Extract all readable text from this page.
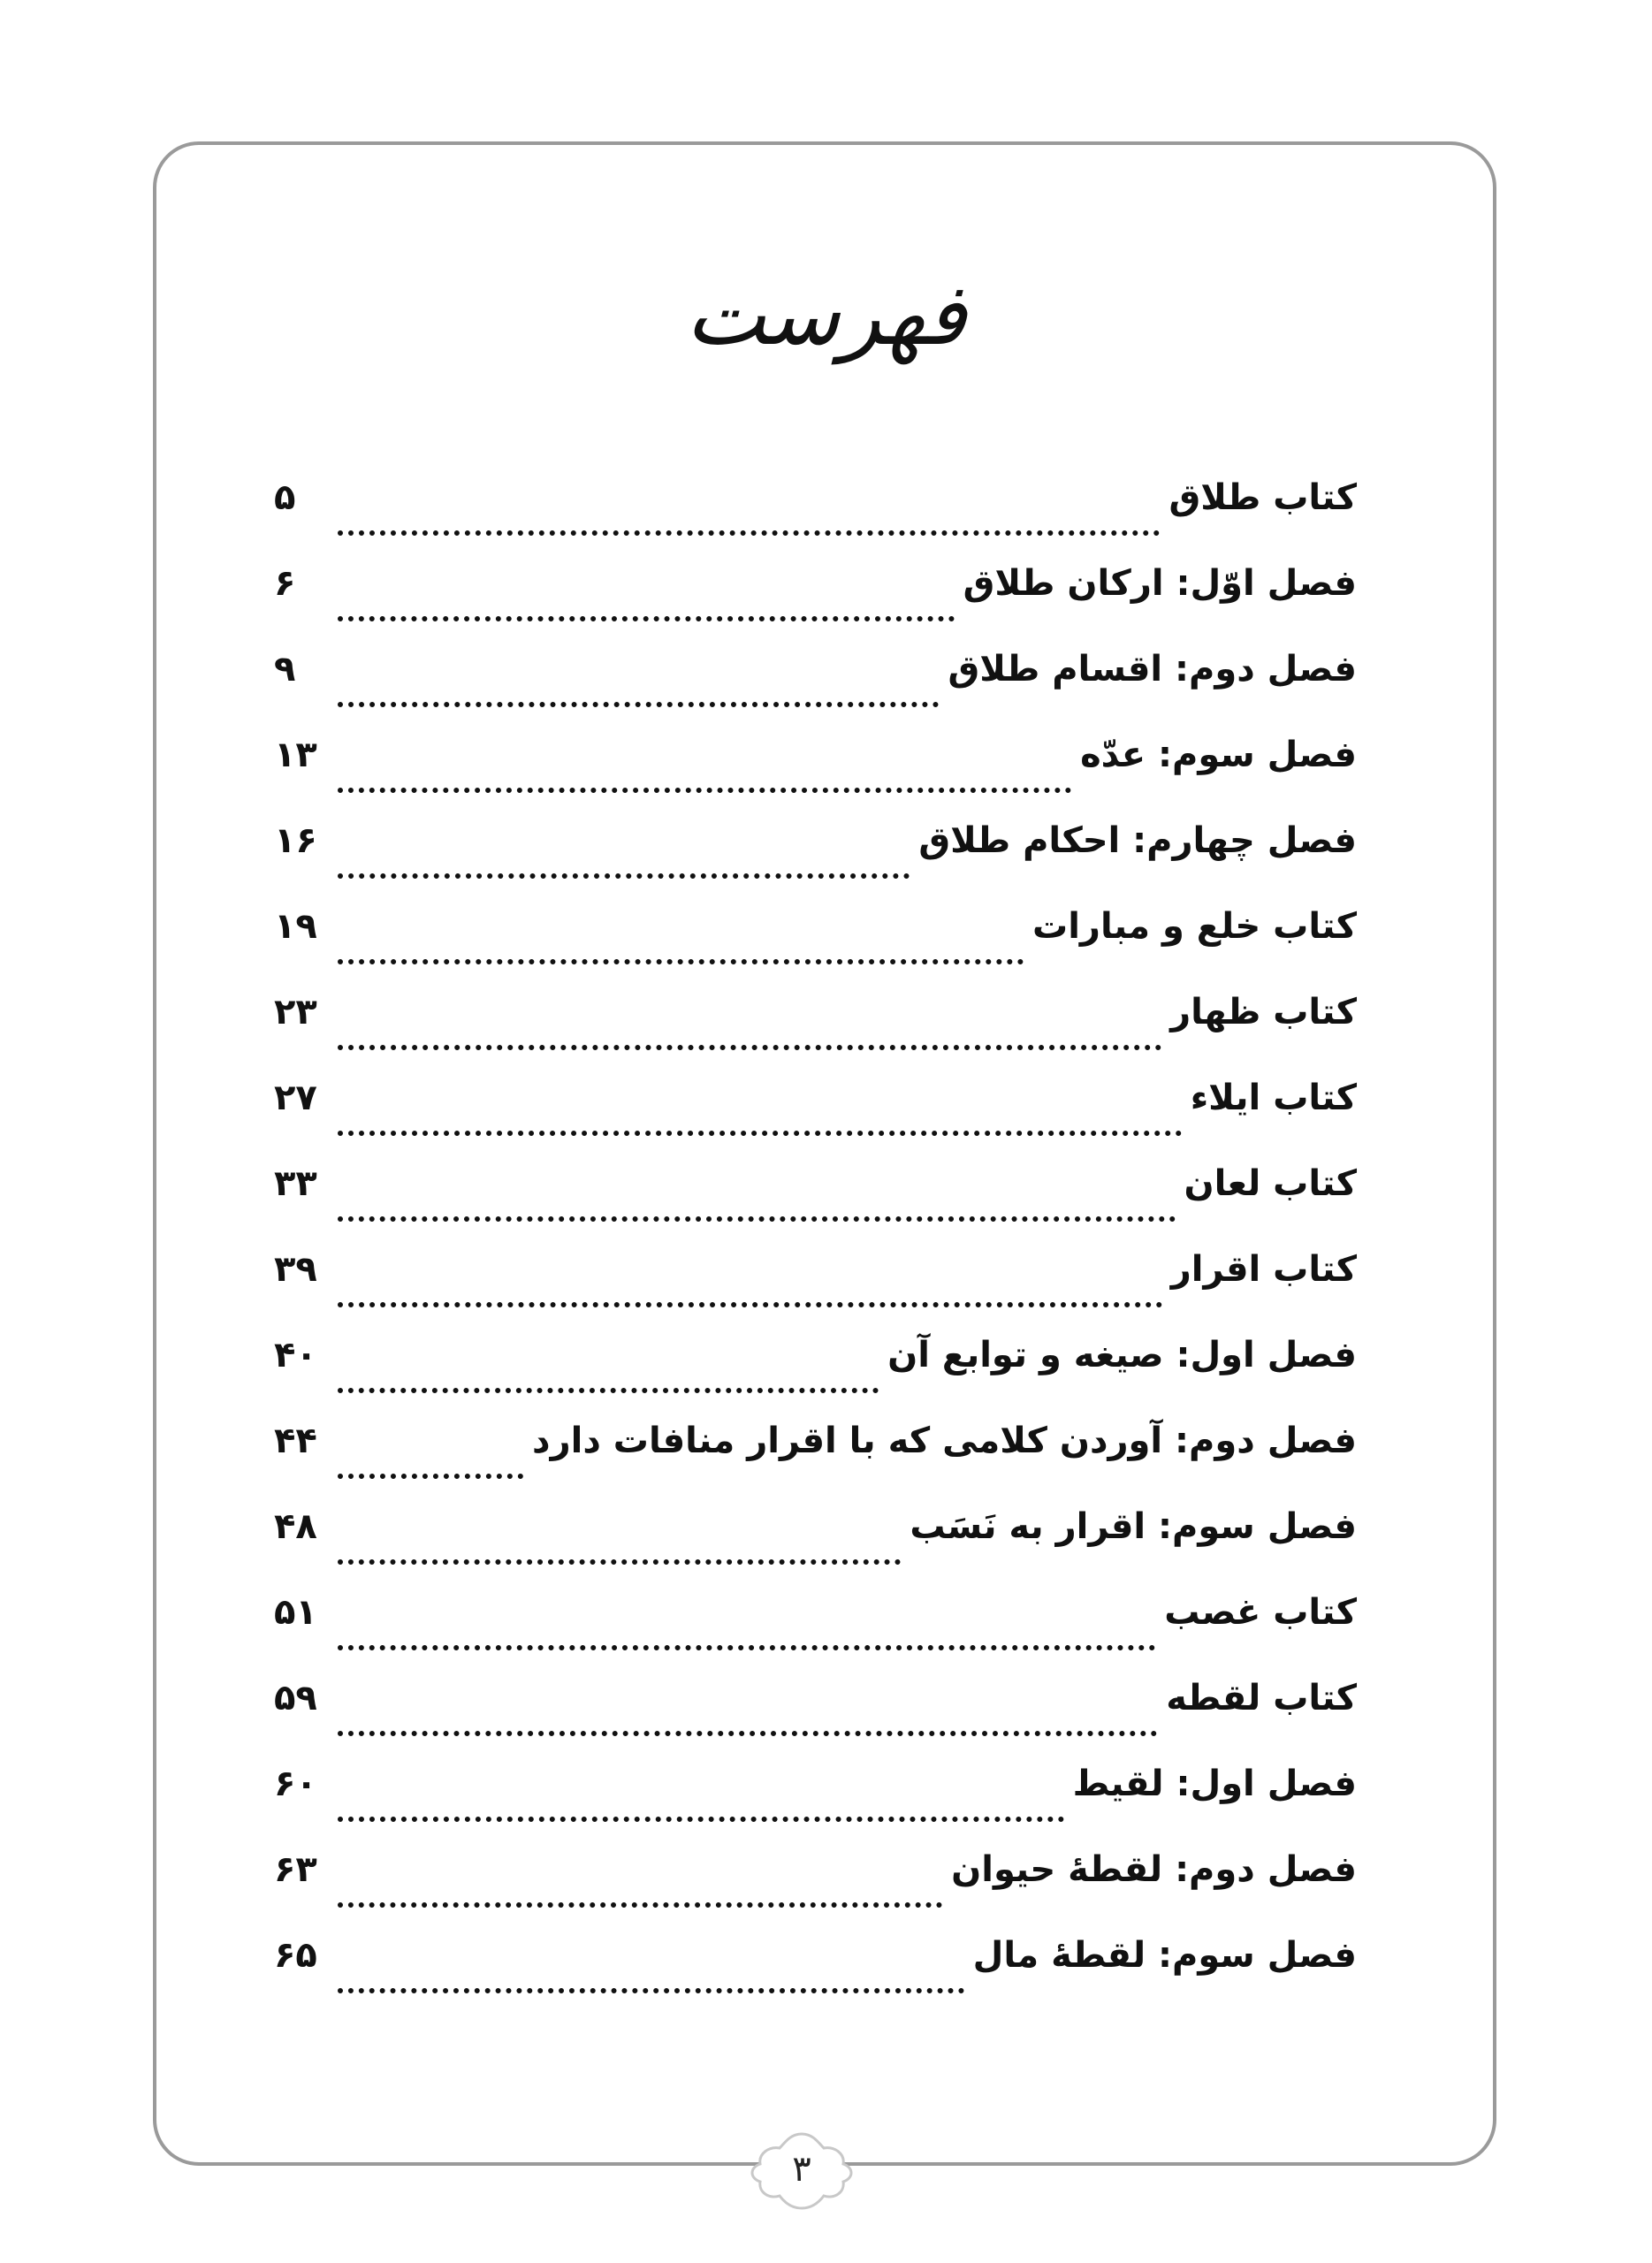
فهرست
۵	کتاب طلاق
۶	فصل اوّل: ارکان طلاق
۹	فصل دوم: اقسام طلاق
۱۳	فصل سوم: عدّه
۱۶	فصل چهارم: احکام طلاق
۱۹	کتاب خلع و مبارات
۲۳	کتاب ظهار
۲۷	کتاب ایلاء
۳۳	کتاب لعان
۳۹	کتاب اقرار
۴۰	فصل اول: صیغه و توابع آن
۴۴	فصل دوم: آوردن کلامی که با اقرار منافات دارد
۴۸	فصل سوم: اقرار به نَسَب
۵۱	کتاب غصب
۵۹	کتاب لقطه
۶۰	فصل اول: لقیط
۶۳	فصل دوم: لقطهٔ حیوان
۶۵	فصل سوم: لقطهٔ مال
۳
